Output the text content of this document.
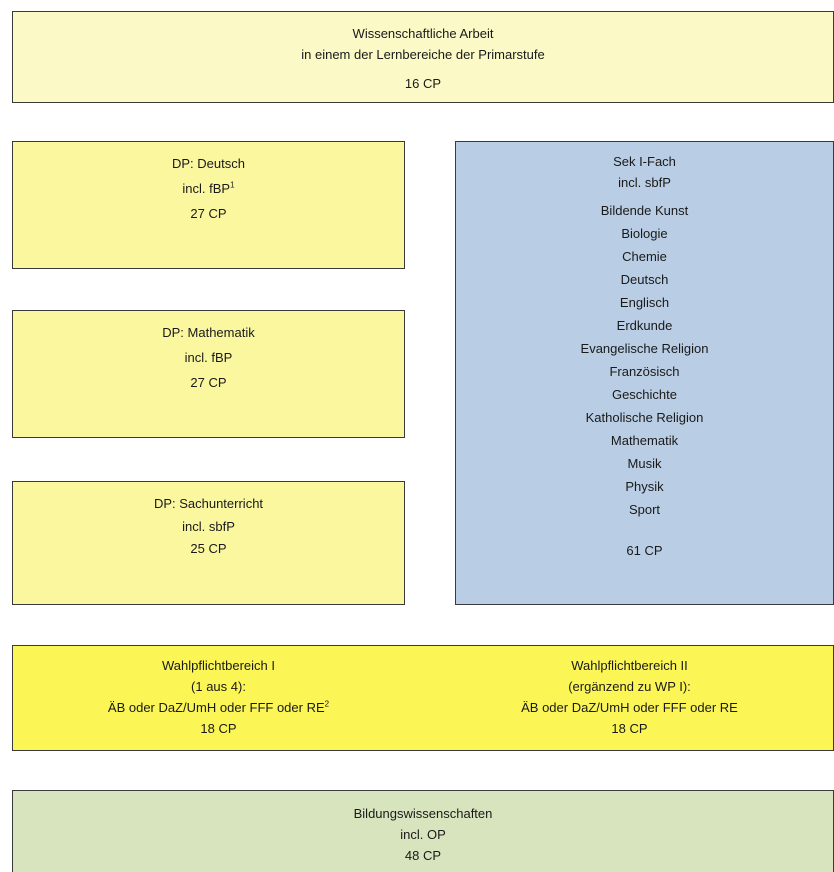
Wissenschaftliche Arbeit
in einem der Lernbereiche der Primarstufe
16 CP
DP: Deutsch
incl. fBP$^1$
27 CP
DP: Mathematik
incl. fBP
27 CP
DP: Sachunterricht
incl. sbfP
25 CP
Sek I-Fach
incl. sbfP
Bildende Kunst
Biologie
Chemie
Deutsch
Englisch
Erdkunde
Evangelische Religion
Französisch
Geschichte
Katholische Religion
Mathematik
Musik
Physik
Sport
61 CP
Wahlpflichtbereich I
(1 aus 4):
ÄB oder DaZ/UmH oder FFF oder $RE^2$
18 CP
Wahlpflichtbereich II
(ergänzend zu WP I):
ÄB oder DaZ/UmH oder FFF oder RE
18 CP
Bildungswissenschaften
incl. OP
48 CP
